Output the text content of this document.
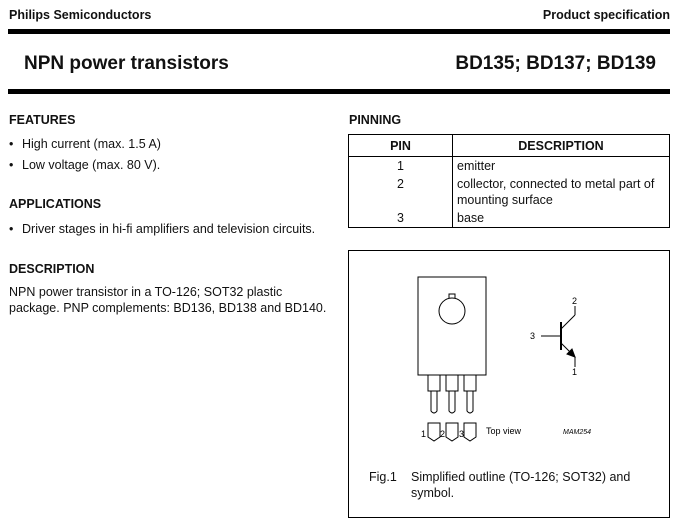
Philips Semiconductors	Product specification
NPN power transistors	BD135; BD137; BD139
FEATURES
• High current (max. 1.5 A)
• Low voltage (max. 80 V).
APPLICATIONS
• Driver stages in hi-fi amplifiers and television circuits.
DESCRIPTION
NPN power transistor in a TO-126; SOT32 plastic
package. PNP complements: BD136, BD138 and BD140.
PINNING
PIN	DESCRIPTION
1	emitter
2	collector, connected to metal part of
mounting surface

3	base
1 2 3 Top view	MAM254
2
3
1
Fig.1 Simplified outline (TO-126; SOT32) and
symbol.
